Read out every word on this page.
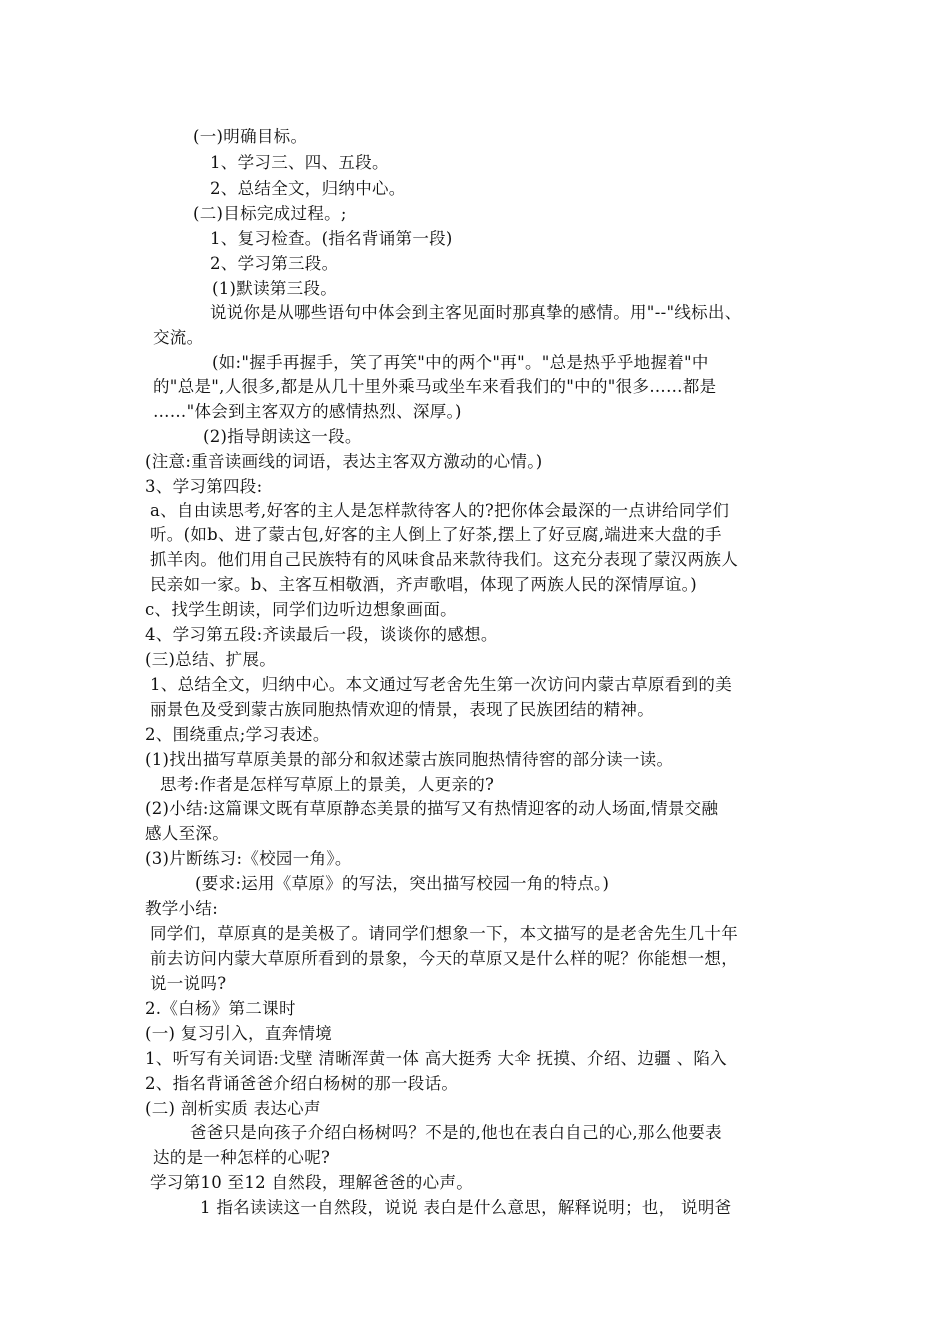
(一)明确目标。
1、学习三、四、五段。
2、总结全文，归纳中心。
(二)目标完成过程。;
1、复习检查。(指名背诵第一段)
2、学习第三段。
(1)默读第三段。
说说你是从哪些语句中体会到主客见面时那真挚的感情。用"--"线标出、
交流。
(如:"握手再握手，笑了再笑"中的两个"再"。"总是热乎乎地握着"中
的"总是",人很多,都是从几十里外乘马或坐车来看我们的"中的"很多……都是
……"体会到主客双方的感情热烈、深厚。)
(2)指导朗读这一段。
(注意:重音读画线的词语，表达主客双方激动的心情。)
3、学习第四段:
a、自由读思考,好客的主人是怎样款待客人的?把你体会最深的一点讲给同学们
听。(如b、进了蒙古包,好客的主人倒上了好茶,摆上了好豆腐,端进来大盘的手
抓羊肉。他们用自己民族特有的风味食品来款待我们。这充分表现了蒙汉两族人
民亲如一家。b、主客互相敬酒，齐声歌唱，体现了两族人民的深情厚谊。)
c、找学生朗读，同学们边听边想象画面。
4、学习第五段:齐读最后一段，谈谈你的感想。
(三)总结、扩展。
1、总结全文，归纳中心。本文通过写老舍先生第一次访问内蒙古草原看到的美
丽景色及受到蒙古族同胞热情欢迎的情景，表现了民族团结的精神。
2、围绕重点;学习表述。
(1)找出描写草原美景的部分和叙述蒙古族同胞热情待窖的部分读一读。
思考:作者是怎样写草原上的景美，人更亲的?
(2)小结:这篇课文既有草原静态美景的描写又有热情迎客的动人场面,情景交融
感人至深。
(3)片断练习:《校园一角》。
(要求:运用《草原》的写法，突出描写校园一角的特点。)
教学小结:
同学们，草原真的是美极了。请同学们想象一下，本文描写的是老舍先生几十年
前去访问内蒙大草原所看到的景象，今天的草原又是什么样的呢？你能想一想，
说一说吗?
2.《白杨》第二课时
(一) 复习引入，直奔情境
1、听写有关词语:戈壁 清晰浑黄一体 高大挺秀 大伞 抚摸、介绍、边疆 、陷入
2、指名背诵爸爸介绍白杨树的那一段话。
(二) 剖析实质 表达心声
爸爸只是向孩子介绍白杨树吗？不是的,他也在表白自己的心,那么他要表
达的是一种怎样的心呢?
学习第10 至12 自然段，理解爸爸的心声。
1 指名读读这一自然段，说说 表白是什么意思，解释说明；也， 说明爸
